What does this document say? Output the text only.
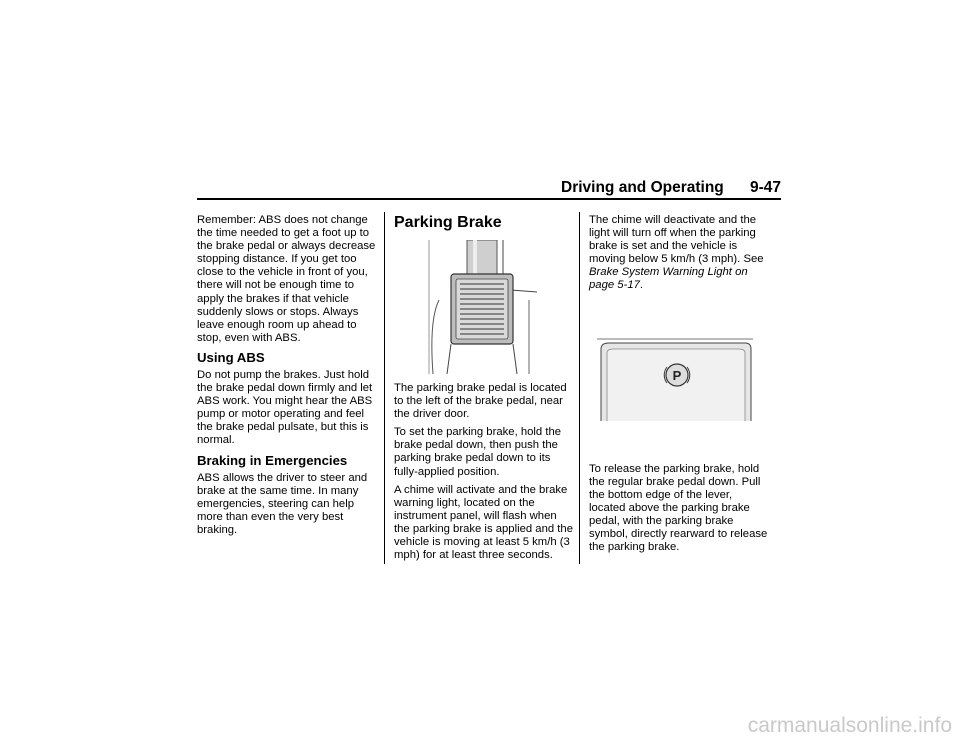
Driving and Operating 9-47

Remember: ABS does not change the time needed to get a foot up to the brake pedal or always decrease stopping distance. If you get too close to the vehicle in front of you, there will not be enough time to apply the brakes if that vehicle suddenly slows or stops. Always leave enough room up ahead to stop, even with ABS.

Using ABS

Do not pump the brakes. Just hold the brake pedal down firmly and let ABS work. You might hear the ABS pump or motor operating and feel the brake pedal pulsate, but this is normal.

Braking in Emergencies

ABS allows the driver to steer and brake at the same time. In many emergencies, steering can help more than even the very best braking.

Parking Brake

The parking brake pedal is located to the left of the brake pedal, near the driver door.

To set the parking brake, hold the brake pedal down, then push the parking brake pedal down to its fully-applied position.

A chime will activate and the brake warning light, located on the instrument panel, will flash when the parking brake is applied and the vehicle is moving at least 5 km/h (3 mph) for at least three seconds.

The chime will deactivate and the light will turn off when the parking brake is set and the vehicle is moving below 5 km/h (3 mph). See Brake System Warning Light on page 5-17.

P

To release the parking brake, hold the regular brake pedal down. Pull the bottom edge of the lever, located above the parking brake pedal, with the parking brake symbol, directly rearward to release the parking brake.

carmanualsonline.info
